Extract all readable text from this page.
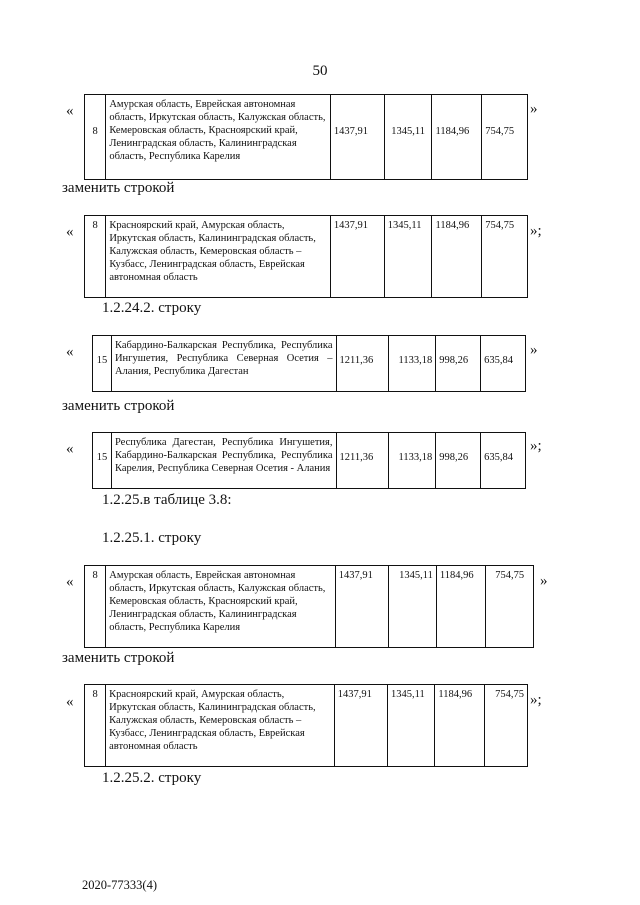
50
«
8	Амурская область, Еврейская автономная область, Иркутская область, Калужская область, Кемеровская область, Красноярский край, Ленинградская область, Калининградская область, Республика Карелия	1437,91	1345,11	1184,96	754,75
»
заменить строкой
« 8	Красноярский край, Амурская область, Иркутская область, Калининградская область, Калужская область, Кемеровская область – Кузбасс, Ленинградская область, Еврейская автономная область	1437,91	1345,11	1184,96	754,75 »;
1.2.24.2. строку
«
15	Кабардино-Балкарская Республика, Республика Ингушетия, Республика Северная Осетия – Алания, Республика Дагестан	1211,36	1133,18	998,26	635,84
»
заменить строкой
«
15	Республика Дагестан, Республика Ингушетия, Кабардино-Балкарская Республика, Республика Карелия, Республика Северная Осетия - Алания	1211,36	1133,18	998,26	635,84
»;
1.2.25.в таблице 3.8:
1.2.25.1. строку
« 8	Амурская область, Еврейская автономная область, Иркутская область, Калужская область, Кемеровская область, Красноярский край, Ленинградская область, Калининградская область, Республика Карелия	1437,91	1345,11	1184,96	754,75 »
заменить строкой
« 8	Красноярский край, Амурская область, Иркутская область, Калининградская область, Калужская область, Кемеровская область – Кузбасс, Ленинградская область, Еврейская автономная область	1437,91	1345,11	1184,96	754,75 »;
1.2.25.2. строку
2020-77333(4)
